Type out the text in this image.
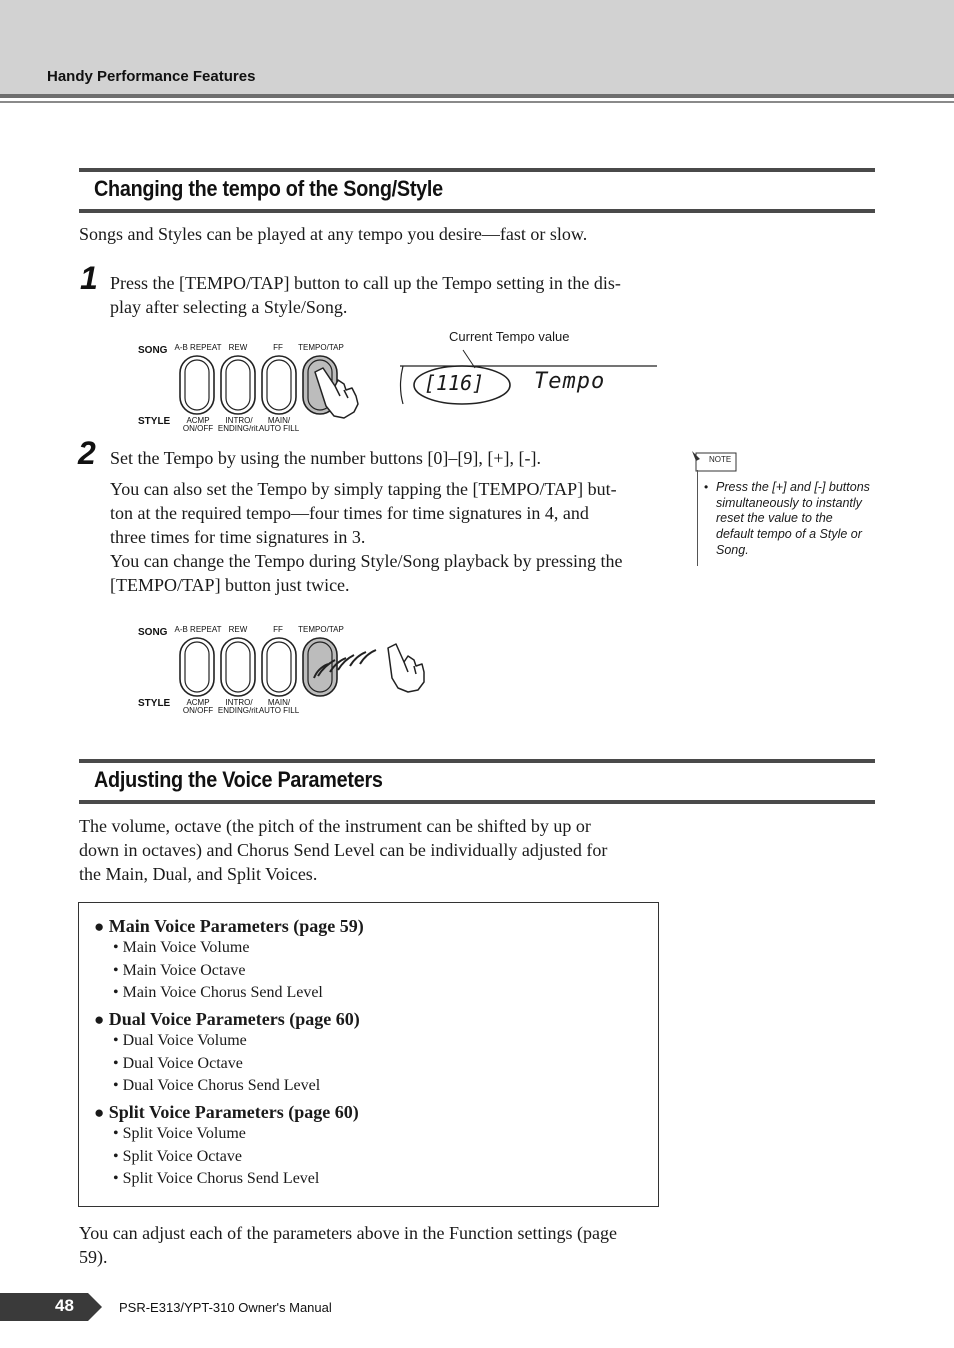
Handy Performance Features
Changing the tempo of the Song/Style
Songs and Styles can be played at any tempo you desire—fast or slow.
1 Press the [TEMPO/TAP] button to call up the Tempo setting in the dis-
play after selecting a Style/Song.
SONG
STYLE
A-B REPEAT REW	FF	TEMPO/TAP
ACMP
ON/OFF
INTRO/
ENDING/rit.
MAIN/
AUTO FILL
Current Tempo value
[116] Tempo
2 Set the Tempo by using the number buttons [0]–[9], [+], [-].
You can also set the Tempo by simply tapping the [TEMPO/TAP] but-
ton at the required tempo—four times for time signatures in 4, and
three times for time signatures in 3.
You can change the Tempo during Style/Song playback by pressing the
[TEMPO/TAP] button just twice.
NOTE
• Press the [+] and [-] buttons
simultaneously to instantly
reset the value to the
default tempo of a Style or
Song.
SONG
STYLE
A-B REPEAT REW	FF	TEMPO/TAP
ACMP
ON/OFF
INTRO/
ENDING/rit.
MAIN/
AUTO FILL
Adjusting the Voice Parameters
The volume, octave (the pitch of the instrument can be shifted by up or
down in octaves) and Chorus Send Level can be individually adjusted for
the Main, Dual, and Split Voices.
● Main Voice Parameters (page 59)
• Main Voice Volume
• Main Voice Octave
• Main Voice Chorus Send Level
● Dual Voice Parameters (page 60)
• Dual Voice Volume
• Dual Voice Octave
• Dual Voice Chorus Send Level
● Split Voice Parameters (page 60)
• Split Voice Volume
• Split Voice Octave
• Split Voice Chorus Send Level
You can adjust each of the parameters above in the Function settings (page
59).
48	PSR-E313/YPT-310 Owner's Manual
